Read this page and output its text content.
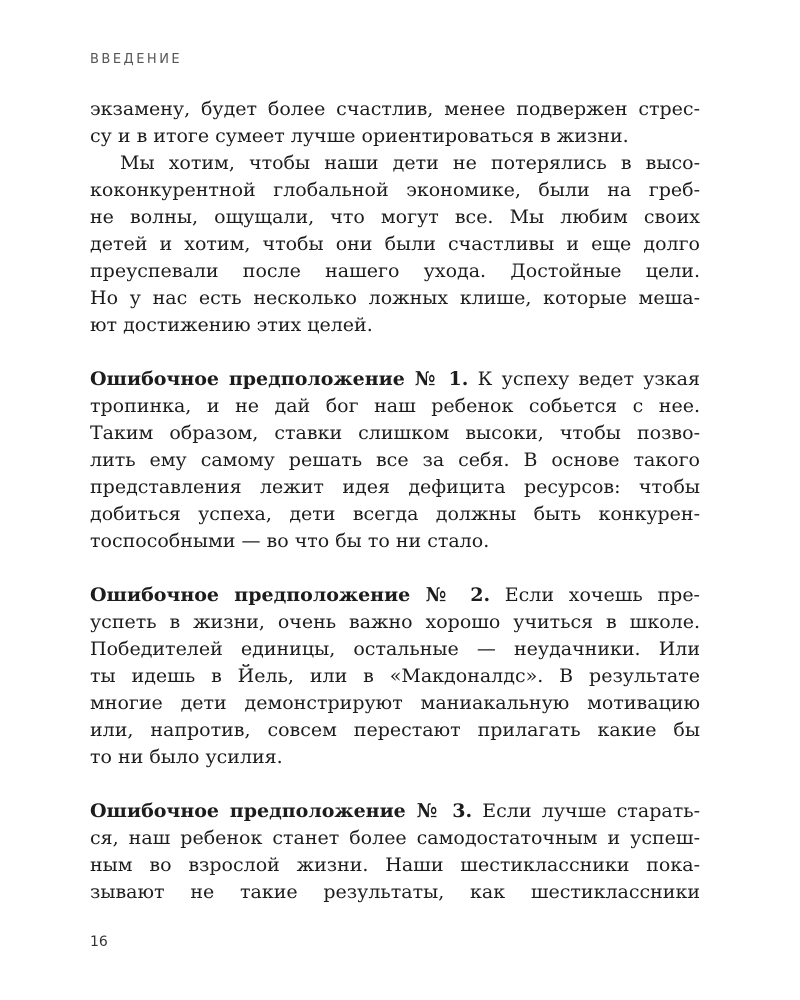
ВВЕДЕНИЕ
экзамену, будет более счастлив, менее подвержен стрес-
су и в итоге сумеет лучше ориентироваться в жизни.
Мы хотим, чтобы наши дети не потерялись в высо-
коконкурентной глобальной экономике, были на греб-
не волны, ощущали, что могут все. Мы любим своих
детей и хотим, чтобы они были счастливы и еще долго
преуспевали после нашего ухода. Достойные цели.
Но у нас есть несколько ложных клише, которые меша-
ют достижению этих целей.
Ошибочное предположение № 1. К успеху ведет узкая
тропинка, и не дай бог наш ребенок собьется с нее.
Таким образом, ставки слишком высоки, чтобы позво-
лить ему самому решать все за себя. В основе такого
представления лежит идея дефицита ресурсов: чтобы
добиться успеха, дети всегда должны быть конкурен-
тоспособными — во что бы то ни стало.
Ошибочное предположение № 2. Если хочешь пре-
успеть в жизни, очень важно хорошо учиться в школе.
Победителей единицы, остальные — неудачники. Или
ты идешь в Йель, или в «Макдоналдс». В результате
многие дети демонстрируют маниакальную мотивацию
или, напротив, совсем перестают прилагать какие бы
то ни было усилия.
Ошибочное предположение № 3. Если лучше старать-
ся, наш ребенок станет более самодостаточным и успеш-
ным во взрослой жизни. Наши шестиклассники пока-
зывают не такие результаты, как шестиклассники
16
